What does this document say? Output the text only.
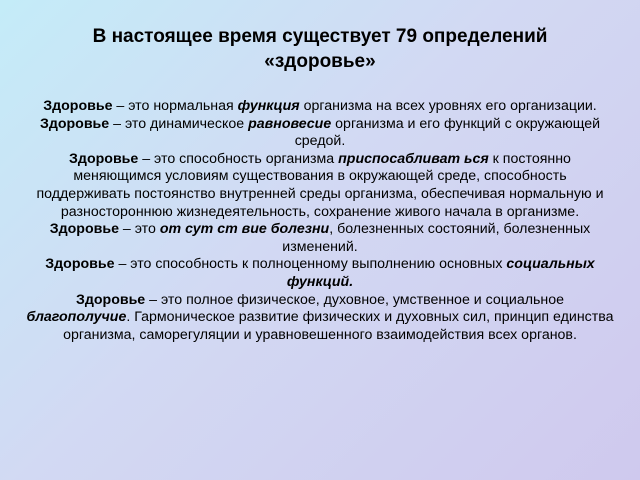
В настоящее время существует 79 определений
«здоровье»

Здоровье – это нормальная функция организма на всех уровнях его организации.

Здоровье – это динамическое равновесие организма и его функций с окружающей средой.

Здоровье – это способность организма приспосабливат ься к постоянно меняющимся условиям существования в окружающей среде, способность поддерживать постоянство внутренней среды организма, обеспечивая нормальную и разностороннюю жизнедеятельность, сохранение живого начала в организме.

Здоровье – это от сут ст вие болезни, болезненных состояний, болезненных изменений.

Здоровье – это способность к полноценному выполнению основных социальных функций.

Здоровье – это полное физическое, духовное, умственное и социальное благополучие. Гармоническое развитие физических и духовных сил, принцип единства организма, саморегуляции и уравновешенного взаимодействия всех органов.
